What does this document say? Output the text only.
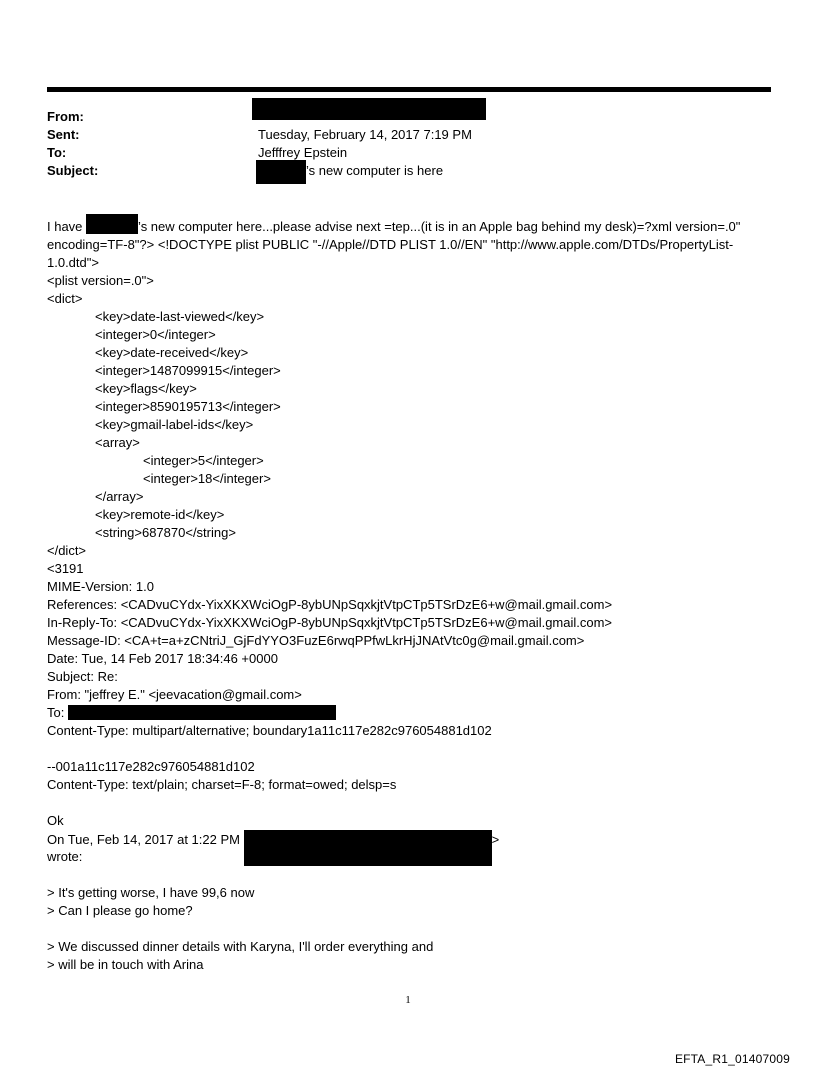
From:
Sent:	Tuesday, February 14, 2017 7:19 PM
To:	Jefffrey Epstein
Subject:	’s new computer is here
I have	’s new computer here...please advise next =tep...(it is in an Apple bag behind my desk)=?xml version=.0" encoding=TF-8"?> <!DOCTYPE plist PUBLIC "-//Apple//DTD PLIST 1.0//EN" "http://www.apple.com/DTDs/PropertyList-1.0.dtd">
<plist version=.0">
<dict>
<key>date-last-viewed</key>
<integer>0</integer>
<key>date-received</key>
<integer>1487099915</integer>
<key>flags</key>
<integer>8590195713</integer>
<key>gmail-label-ids</key>
<array>
<integer>5</integer>
<integer>18</integer>
</array>
<key>remote-id</key>
<string>687870</string>
</dict>
<3191
MIME-Version: 1.0
References: <CADvuCYdx-YixXKXWciOgP-8ybUNpSqxkjtVtpCTp5TSrDzE6+w@mail.gmail.com>
In-Reply-To: <CADvuCYdx-YixXKXWciOgP-8ybUNpSqxkjtVtpCTp5TSrDzE6+w@mail.gmail.com>
Message-ID: <CA+t=a+zCNtriJ_GjFdYYO3FuzE6rwqPPfwLkrHjJNAtVtc0g@mail.gmail.com>
Date: Tue, 14 Feb 2017 18:34:46 +0000
Subject: Re:
From: "jeffrey E." <jeevacation@gmail.com>
To:
Content-Type: multipart/alternative; boundary1a11c117e282c976054881d102
--001a11c117e282c976054881d102
Content-Type: text/plain; charset=F-8; format=owed; delsp=s
Ok
On Tue, Feb 14, 2017 at 1:22 PM	>
wrote:
> It's getting worse, I have 99,6 now
> Can I please go home?
> We discussed dinner details with Karyna, I'll order everything and
> will be in touch with Arina
1
EFTA_R1_01407009
